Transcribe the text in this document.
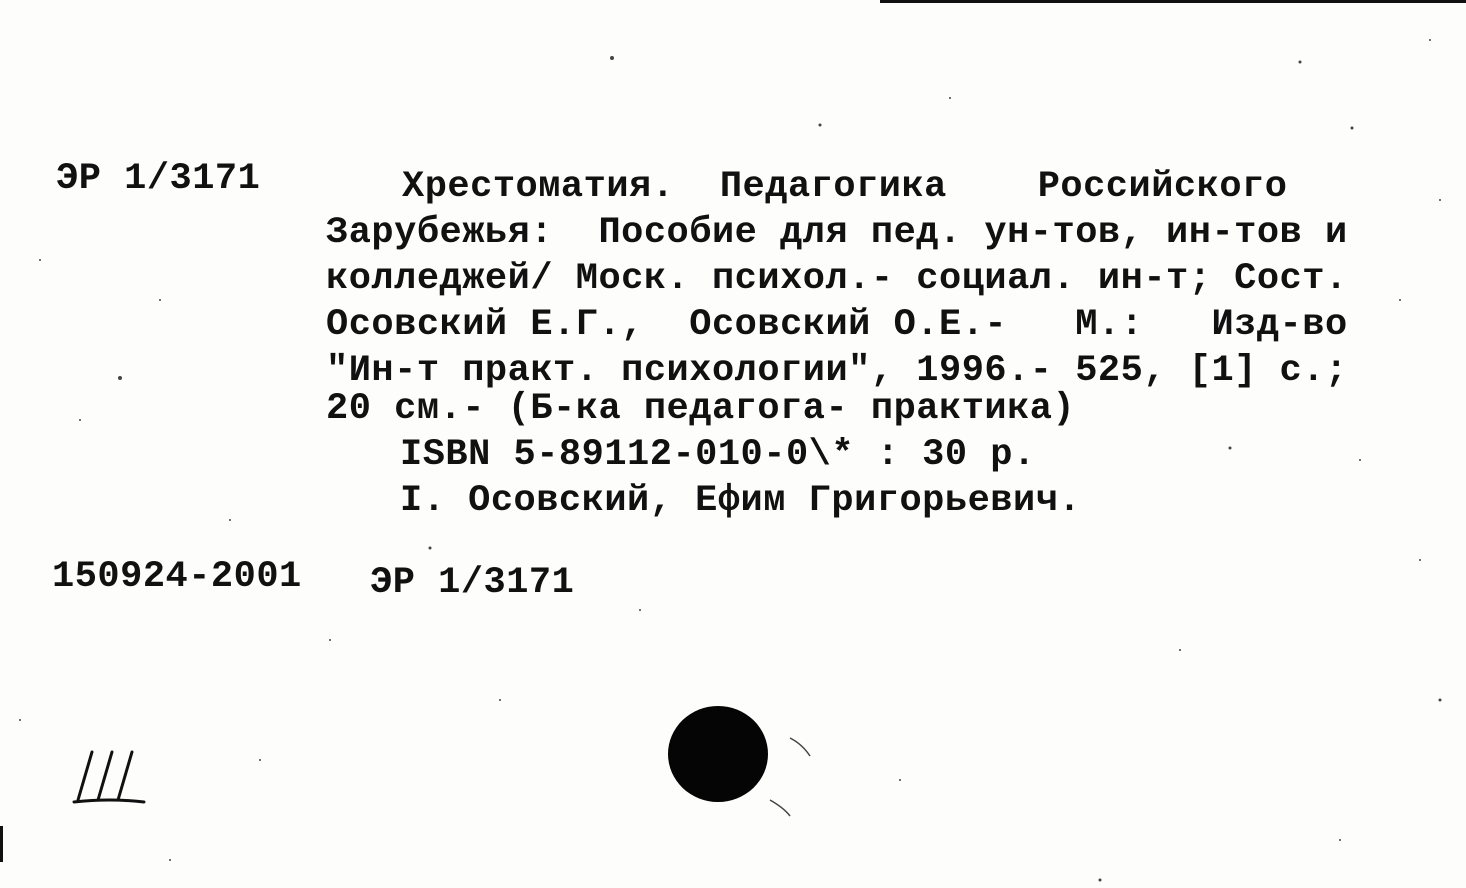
ЭР 1/3171	Хрестоматия.  Педагогика    Российского

Зарубежья:  Пособие для пед. ун-тов, ин-тов и

колледжей/ Моск. психол.- социал. ин-т; Сост.

Осовский Е.Г.,  Осовский О.Е.-   М.:   Изд-во

"Ин-т практ. психологии", 1996.- 525, [1] с.;

20 см.- (Б-ка педагога- практика)

ISBN 5-89112-010-0\* : 30 р.

I. Осовский, Ефим Григорьевич.

150924-2001 ЭР 1/3171
